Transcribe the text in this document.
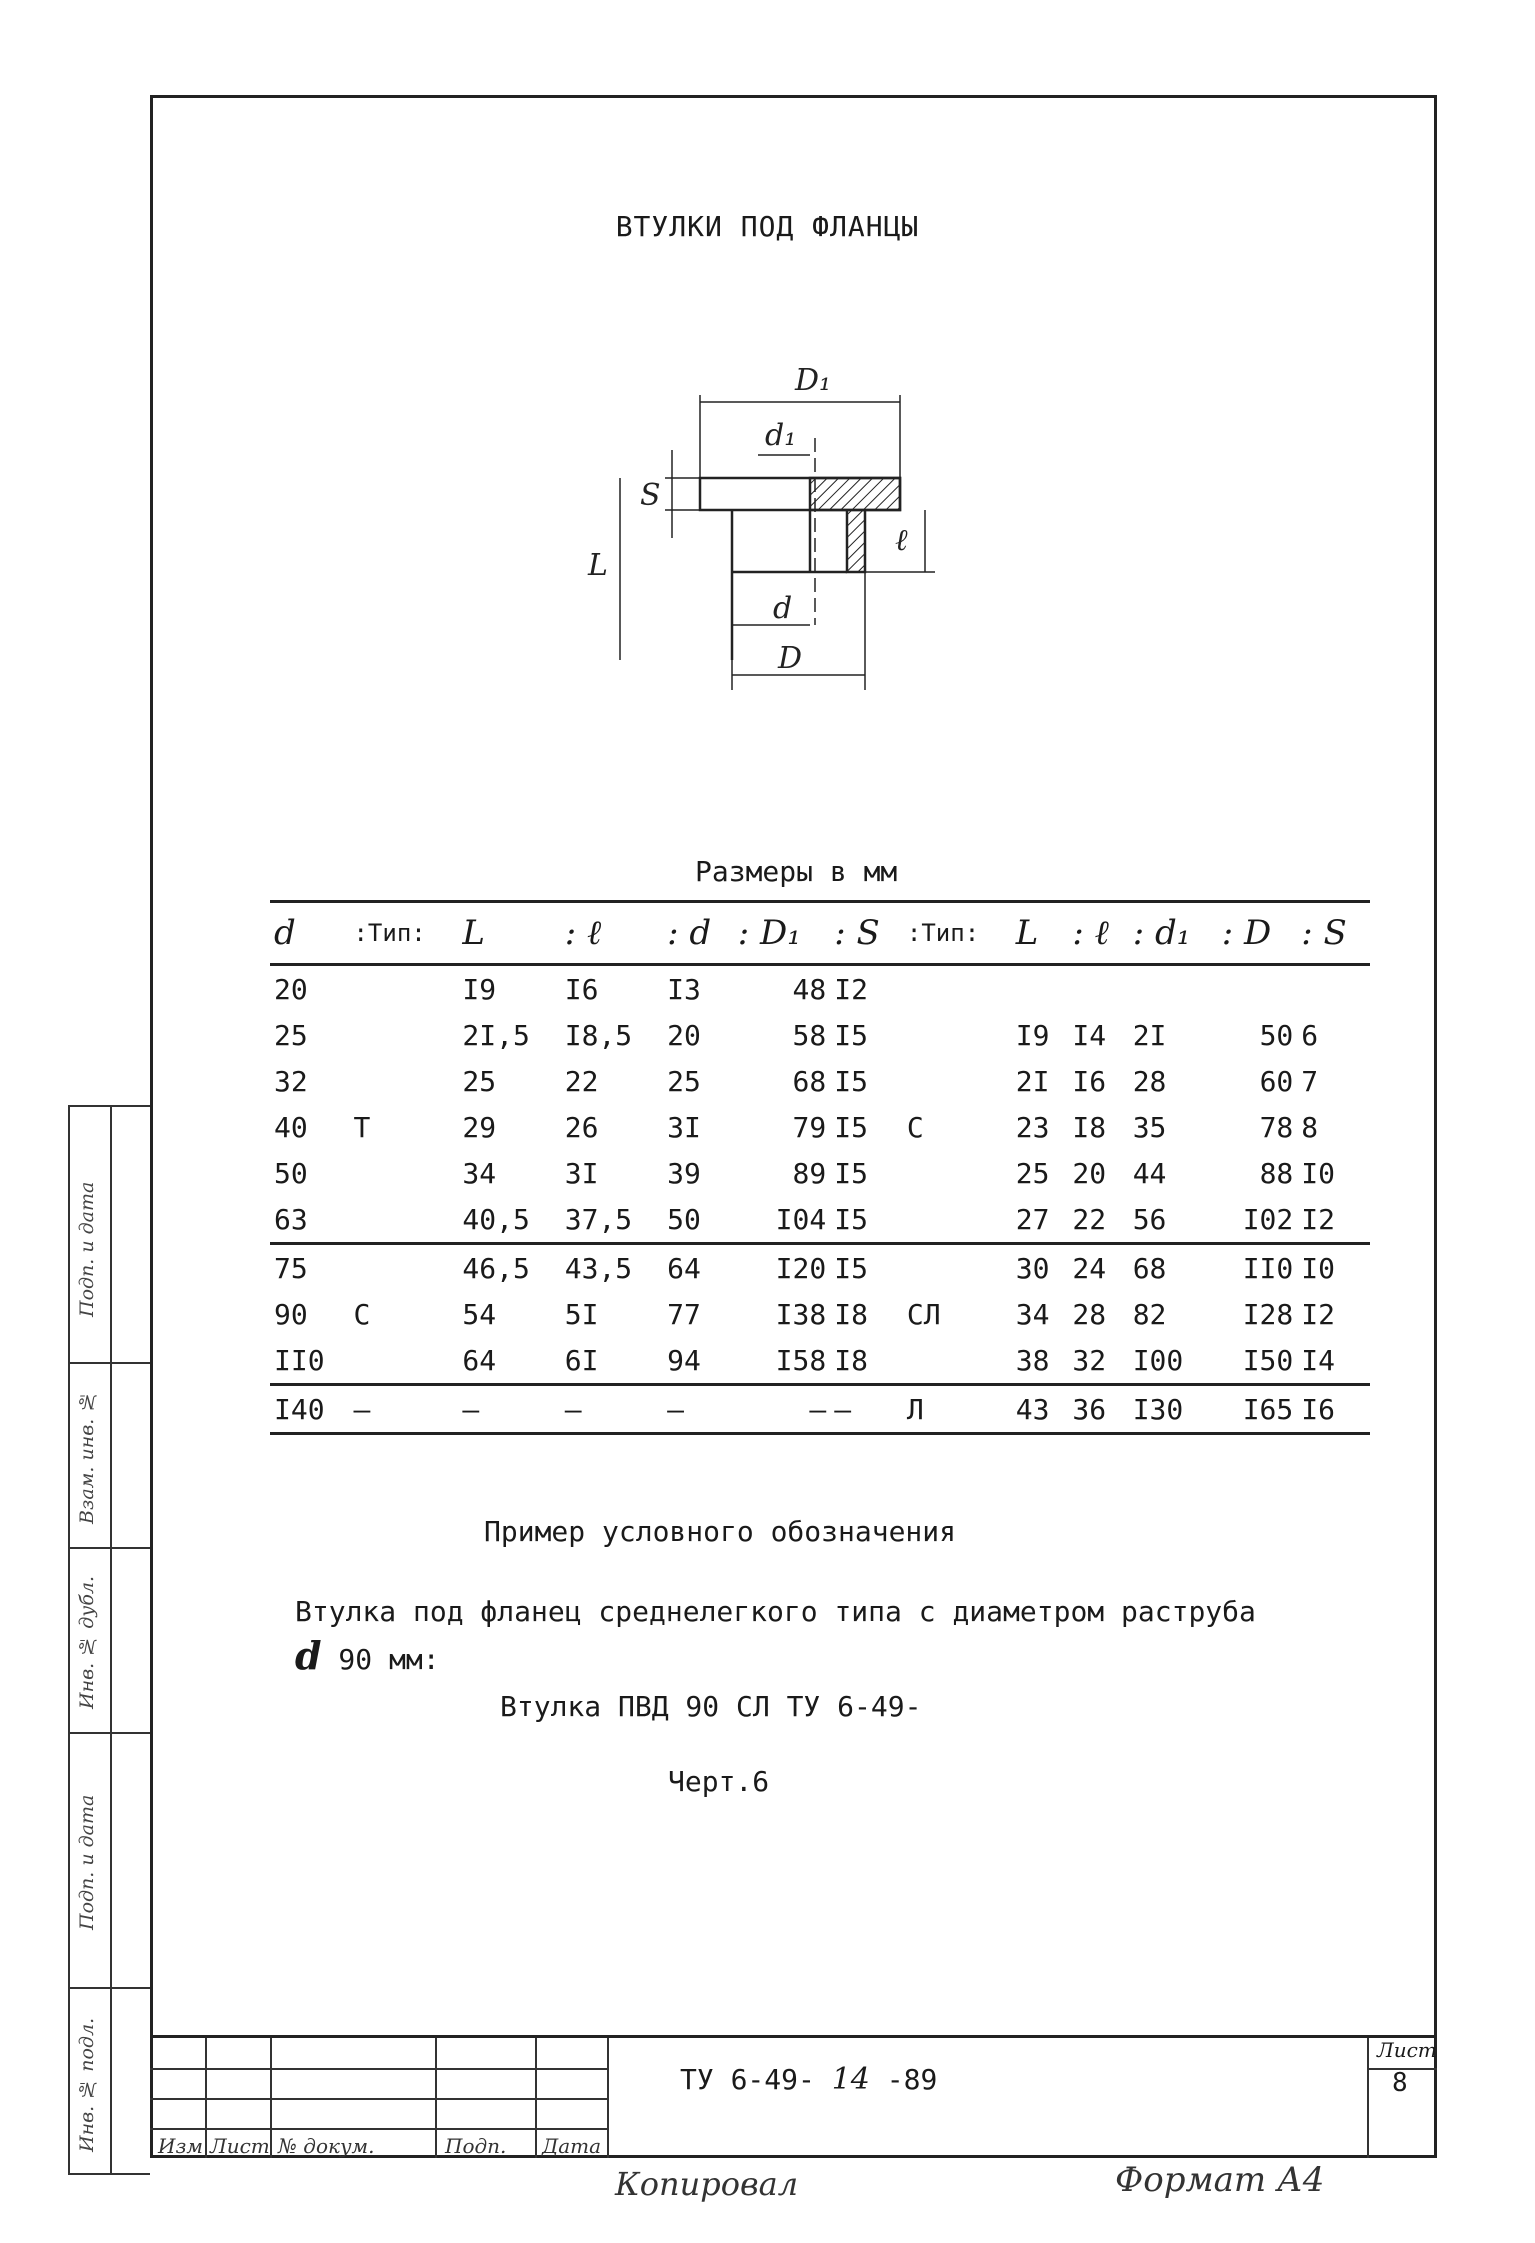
Подп. и дата
Взам. инв. №
Инв. № дубл.
Подп. и дата
Инв. № подл.
ВТУЛКИ ПОД ФЛАНЦЫ
D₁
d₁
S
L
ℓ
d
D
Размеры в мм
d	:Тип:	L	: ℓ	: d	: D₁	: S	:Тип:	L	: ℓ	: d₁	: D	: S
20		I9	I6	I3	48	I2						
25		2I,5	I8,5	20	58	I5		I9	I4	2I	50	6
32		25	22	25	68	I5		2I	I6	28	60	7
40	Т	29	26	3I	79	I5	С	23	I8	35	78	8
50		34	3I	39	89	I5		25	20	44	88	I0
63		40,5	37,5	50	I04	I5		27	22	56	I02	I2
75		46,5	43,5	64	I20	I5		30	24	68	II0	I0
90	С	54	5I	77	I38	I8	СЛ	34	28	82	I28	I2
II0		64	6I	94	I58	I8		38	32	I00	I50	I4
I40	–	–	–	–	–	–	Л	43	36	I30	I65	I6
Пример условного обозначения
Втулка под фланец среднелегкого типа с диаметром раструба
d 90 мм:
Втулка ПВД 90 СЛ ТУ 6-49-
Черт.6
Изм Лист № докум.	Подп. Дата
ТУ 6-49- 14 -89
Лист
8
Копировал	Формат А4
